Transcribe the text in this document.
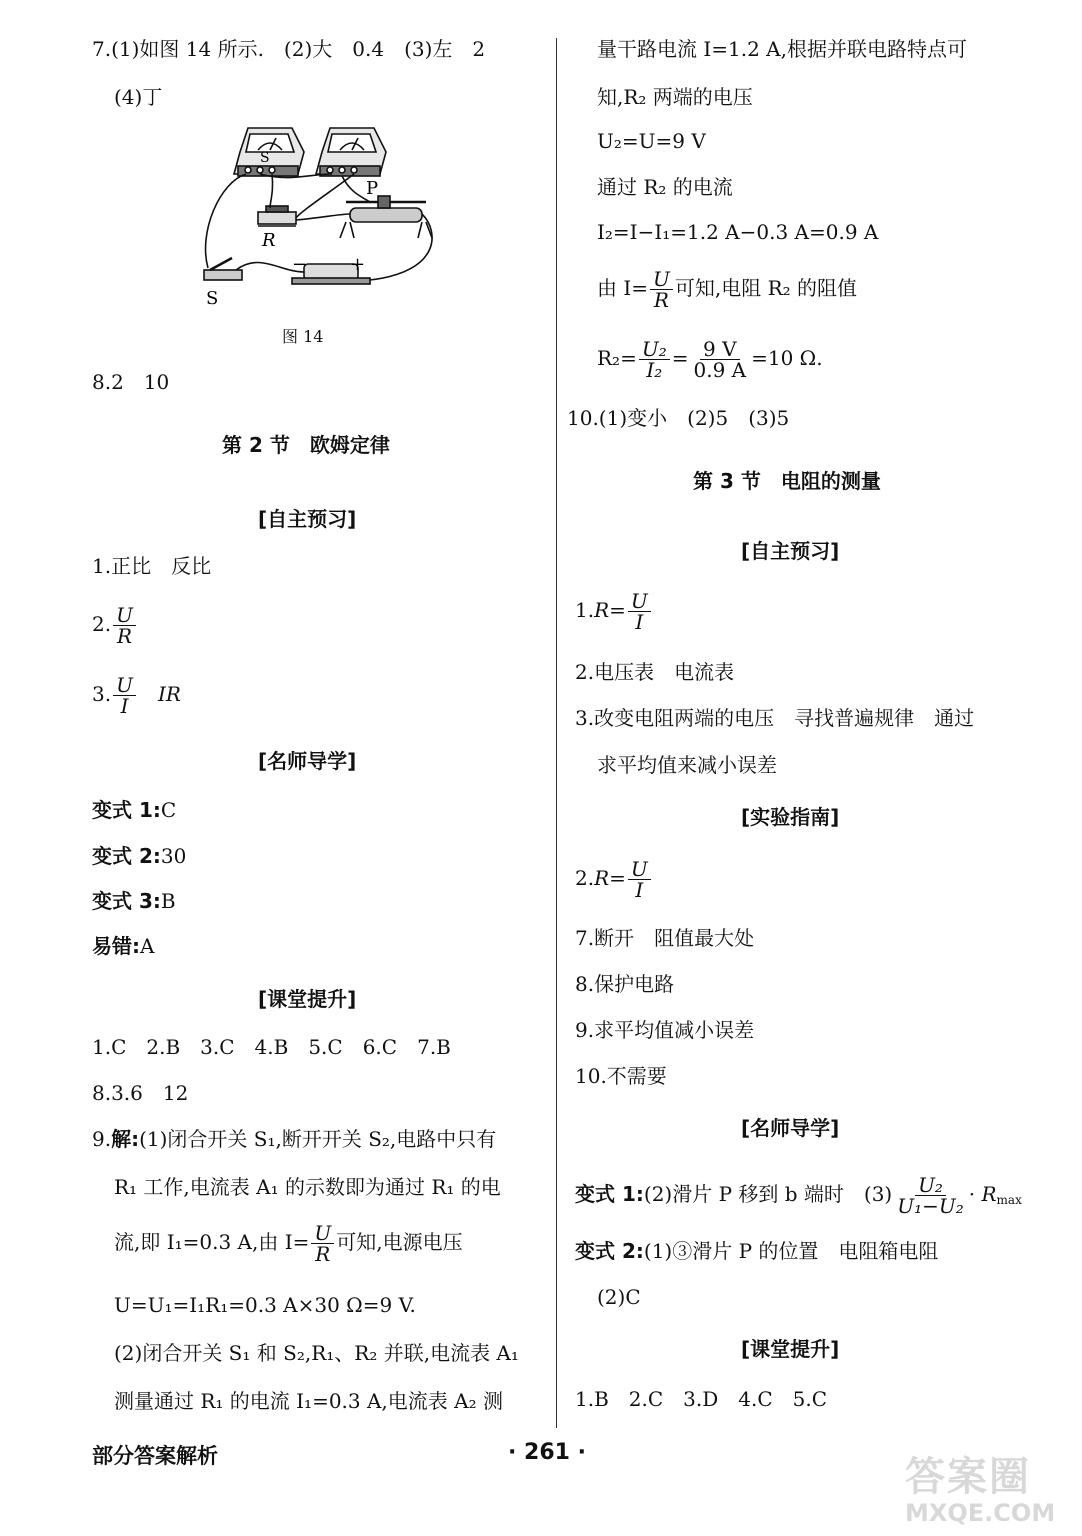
7.(1)如图 14 所示.　(2)大　0.4　(3)左　2
(4)丁
S
P
R
− +
S
图 14
8.2　10
第 2 节　欧姆定律
[自主预习]
1.正比　反比
2. $\frac{U}{R}$
3. $\frac{U}{I}$
　 IR
[名师导学]
变式 1:C
变式 2:30
变式 3:B
易错:A
[课堂提升]
1.C　2.B　3.C　4.B　5.C　6.C　7.B
8.3.6　12
9.解:(1)闭合开关 S₁,断开开关 S₂,电路中只有
R₁ 工作,电流表 A₁ 的示数即为通过 R₁ 的电
流,即 I₁=0.3 A,由 $I= \frac{U}{R}$ 可知,电源电压
U=U₁=I₁R₁=0.3 A×30 Ω=9 V.
(2)闭合开关 S₁ 和 S₂,R₁、R₂ 并联,电流表 A₁
测量通过 R₁ 的电流 I₁=0.3 A,电流表 A₂ 测
量干路电流 I=1.2 A,根据并联电路特点可
知,R₂ 两端的电压
U₂=U=9 V
通过 R₂ 的电流
I₂=I−I₁=1.2 A−0.3 A=0.9 A
由 $I= \frac{U}{R}$ 可知,电阻 R₂ 的阻值
$R_2= \frac{\text{U₂}}{\text{I₂}} = \frac{9 V}{0.9 A} =10$ Ω.
10.(1)变小　(2)5　(3)5
第 3 节　电阻的测量
[自主预习]
$1.R= \frac{U}{I}$
2.电压表　电流表
3.改变电阻两端的电压　寻找普遍规律　通过
求平均值来减小误差
[实验指南]
$2.R= \frac{U}{I}$
7.断开　阻值最大处
8.保护电路
9.求平均值减小误差
10.不需要
[名师导学]
变式 1:(2)滑片 P 移到 b 端时　$(3) \frac{\text{U₂}}{\text{U₁−U₂}} \cdot R_{max}$
变式 2:(1)③滑片 P 的位置　电阻箱电阻
(2)C
[课堂提升]
1.B　2.C　3.D　4.C　5.C
部分答案解析	· 261 ·
答案圈
MXQE.COM
